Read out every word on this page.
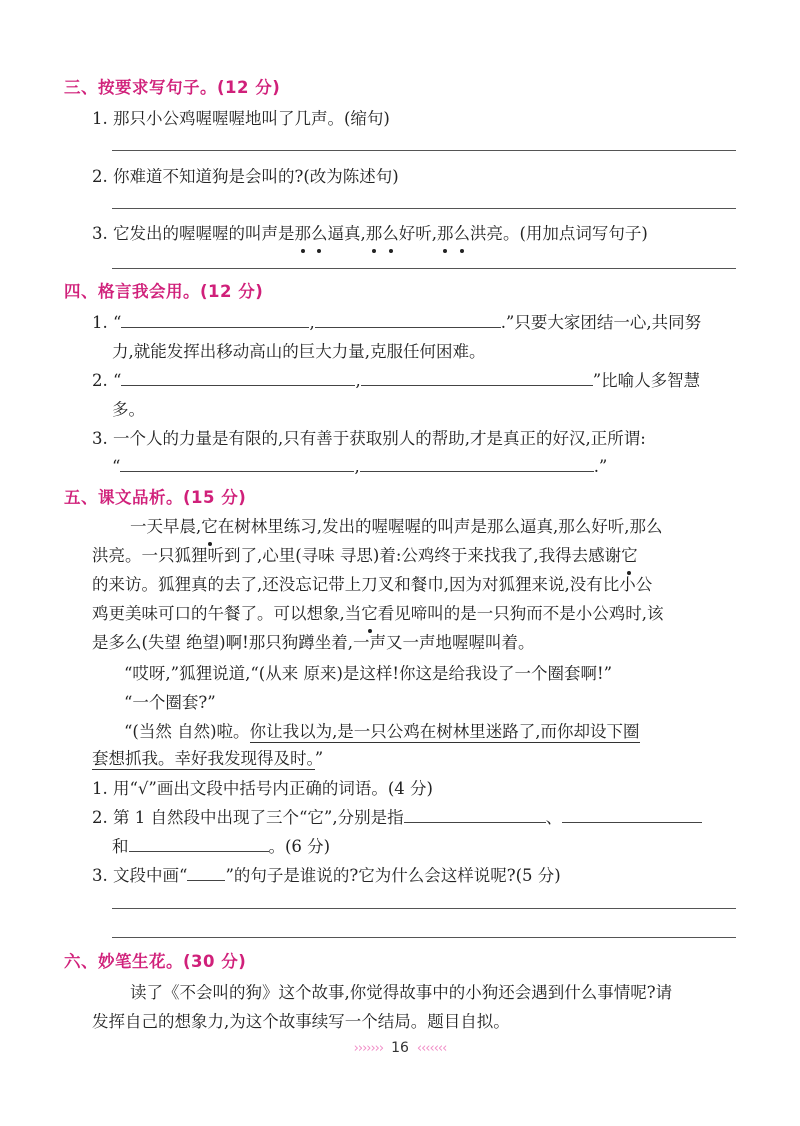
三、按要求写句子。(12 分)
1. 那只小公鸡喔喔喔地叫了几声。(缩句)
2. 你难道不知道狗是会叫的?(改为陈述句)
3. 它发出的喔喔喔的叫声是那么逼真,那么好听,那么洪亮。(用加点词写句子)
四、格言我会用。(12 分)
1. “	,	.”只要大家团结一心,共同努
力,就能发挥出移动高山的巨大力量,克服任何困难。
2. “	,	”比喻人多智慧
多。
3. 一个人的力量是有限的,只有善于获取别人的帮助,才是真正的好汉,正所谓:
“	,	.”
五、课文品析。(15 分)
一天早晨,它在树林里练习,发出的喔喔喔的叫声是那么逼真,那么好听,那么
洪亮。一只狐狸听到了,心里(寻味 寻思)着:公鸡终于来找我了,我得去感谢它
的来访。狐狸真的去了,还没忘记带上刀叉和餐巾,因为对狐狸来说,没有比小公
鸡更美味可口的午餐了。可以想象,当它看见啼叫的是一只狗而不是小公鸡时,该
是多么(失望 绝望)啊!那只狗蹲坐着,一声又一声地喔喔叫着。
“哎呀,”狐狸说道,“(从来 原来)是这样!你这是给我设了一个圈套啊!”
“一个圈套?”
“(当然 自然)啦。你让我以为,是一只公鸡在树林里迷路了,而你却设下圈
套想抓我。幸好我发现得及时。”
1. 用“√”画出文段中括号内正确的词语。(4 分)
2. 第 1 自然段中出现了三个“它”,分别是指	、
和	。(6 分)
3. 文段中画“ ”的句子是谁说的?它为什么会这样说呢?(5 分)
六、妙笔生花。(30 分)
读了《不会叫的狗》这个故事,你觉得故事中的小狗还会遇到什么事情呢?请
发挥自己的想象力,为这个故事续写一个结局。题目自拟。
››››››› 16 ‹‹‹‹‹‹‹
